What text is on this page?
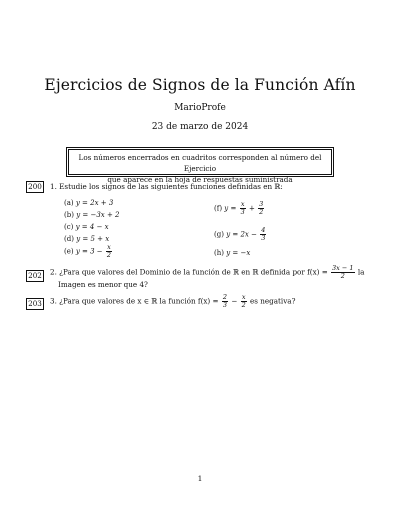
Ejercicios de Signos de la Función Afín
MarioProfe
23 de marzo de 2024
Los números encerrados en cuadritos corresponden al número del Ejercicio
que aparece en la hoja de respuestas suministrada
200 1. Estudie los signos de las siguientes funciones definidas en ℝ:
(a) y = 2x + 3
(b) y = −3x + 2
(c) y = 4 − x
(d) y = 5 + x
(e) $y = 3 - \frac{x}{2}$
(f) $y = \frac{x}{3} + \frac{3}{2}$
(g) $y = 2x - \frac{4}{3}$
(h) y = −x
202 2. ¿Para que valores del Dominio de la función de ℝ en ℝ definida por $f(x) = \frac{3x - 1}{2}$ la
Imagen es menor que 4?
203 3. ¿Para que valores de x ∈ ℝ la función $f(x) = \frac{2}{3} - \frac{x}{2}$ es negativa?
1
